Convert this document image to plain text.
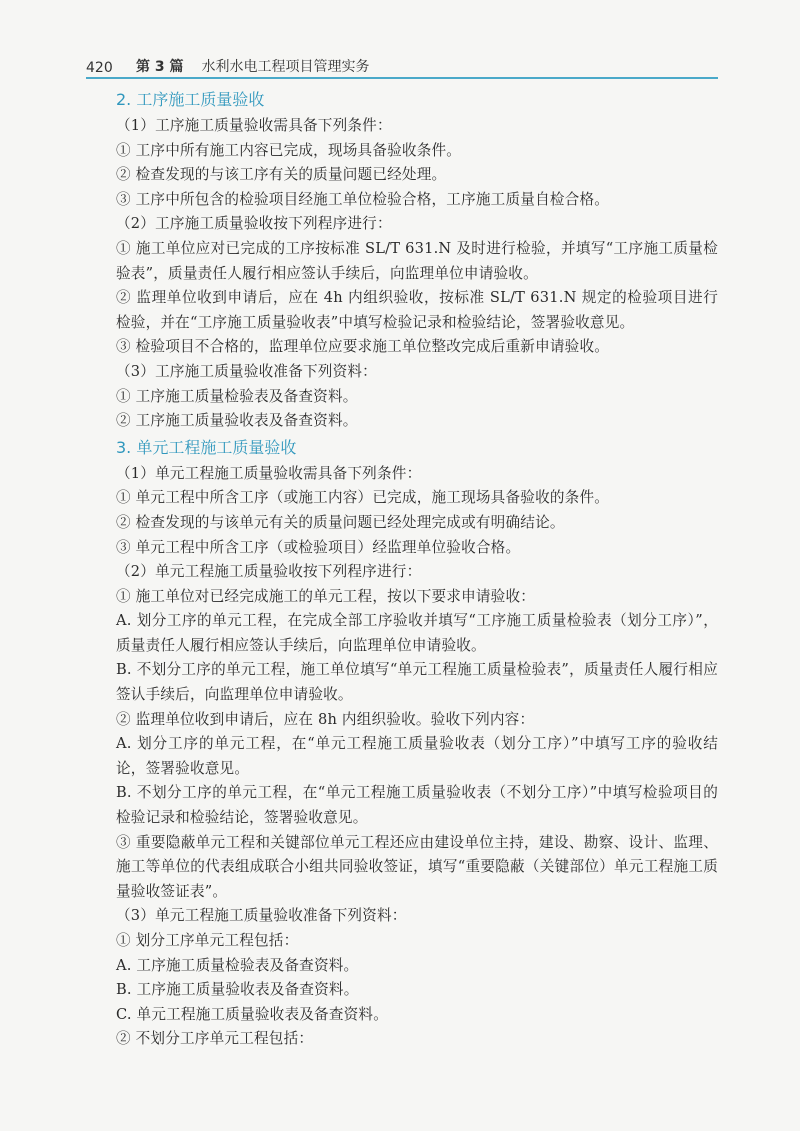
420	第 3 篇 水利水电工程项目管理实务
2. 工序施工质量验收

（1）工序施工质量验收需具备下列条件：

① 工序中所有施工内容已完成，现场具备验收条件。

② 检查发现的与该工序有关的质量问题已经处理。

③ 工序中所包含的检验项目经施工单位检验合格，工序施工质量自检合格。

（2）工序施工质量验收按下列程序进行：

① 施工单位应对已完成的工序按标准 SL/T 631.N 及时进行检验，并填写“工序施工质量检验表”，质量责任人履行相应签认手续后，向监理单位申请验收。

② 监理单位收到申请后，应在 4h 内组织验收，按标准 SL/T 631.N 规定的检验项目进行检验，并在“工序施工质量验收表”中填写检验记录和检验结论，签署验收意见。

③ 检验项目不合格的，监理单位应要求施工单位整改完成后重新申请验收。

（3）工序施工质量验收准备下列资料：

① 工序施工质量检验表及备查资料。

② 工序施工质量验收表及备查资料。

3. 单元工程施工质量验收

（1）单元工程施工质量验收需具备下列条件：

① 单元工程中所含工序（或施工内容）已完成，施工现场具备验收的条件。

② 检查发现的与该单元有关的质量问题已经处理完成或有明确结论。

③ 单元工程中所含工序（或检验项目）经监理单位验收合格。

（2）单元工程施工质量验收按下列程序进行：

① 施工单位对已经完成施工的单元工程，按以下要求申请验收：

A. 划分工序的单元工程，在完成全部工序验收并填写“工序施工质量检验表（划分工序）”，质量责任人履行相应签认手续后，向监理单位申请验收。

B. 不划分工序的单元工程，施工单位填写“单元工程施工质量检验表”，质量责任人履行相应签认手续后，向监理单位申请验收。

② 监理单位收到申请后，应在 8h 内组织验收。验收下列内容：

A. 划分工序的单元工程，在“单元工程施工质量验收表（划分工序）”中填写工序的验收结论，签署验收意见。

B. 不划分工序的单元工程，在“单元工程施工质量验收表（不划分工序）”中填写检验项目的检验记录和检验结论，签署验收意见。

③ 重要隐蔽单元工程和关键部位单元工程还应由建设单位主持，建设、勘察、设计、监理、施工等单位的代表组成联合小组共同验收签证，填写“重要隐蔽（关键部位）单元工程施工质量验收签证表”。

（3）单元工程施工质量验收准备下列资料：

① 划分工序单元工程包括：

A. 工序施工质量检验表及备查资料。

B. 工序施工质量验收表及备查资料。

C. 单元工程施工质量验收表及备查资料。

② 不划分工序单元工程包括：
